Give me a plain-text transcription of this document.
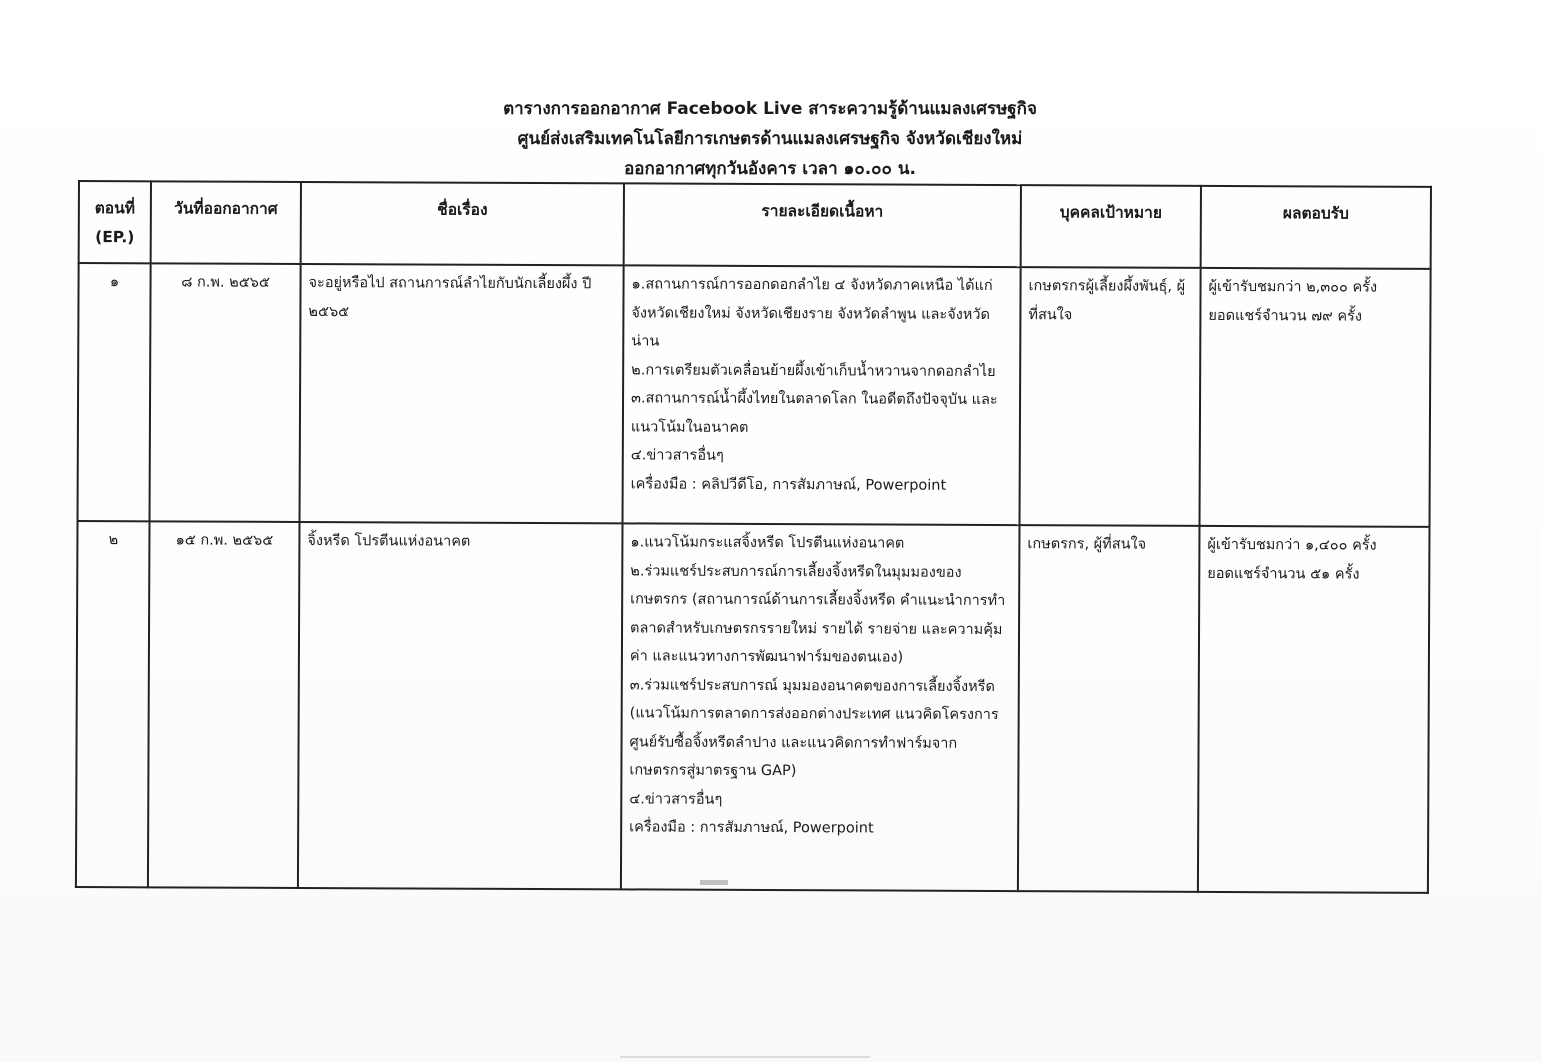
ตารางการออกอากาศ Facebook Live สาระความรู้ด้านแมลงเศรษฐกิจ
ศูนย์ส่งเสริมเทคโนโลยีการเกษตรด้านแมลงเศรษฐกิจ จังหวัดเชียงใหม่
ออกอากาศทุกวันอังคาร เวลา ๑๐.๐๐ น.
ตอนที่
(EP.)	วันที่ออกอากาศ	ชื่อเรื่อง	รายละเอียดเนื้อหา	บุคคลเป้าหมาย	ผลตอบรับ
๑	๘ ก.พ. ๒๕๖๕	จะอยู่หรือไป สถานการณ์ลำไยกับนักเลี้ยงผึ้ง ปี ๒๕๖๕	๑.สถานการณ์การออกดอกลำไย ๔ จังหวัดภาคเหนือ ได้แก่ จังหวัดเชียงใหม่ จังหวัดเชียงราย จังหวัดลำพูน และจังหวัดน่าน
๒.การเตรียมตัวเคลื่อนย้ายผึ้งเข้าเก็บน้ำหวานจากดอกลำไย
๓.สถานการณ์น้ำผึ้งไทยในตลาดโลก ในอดีตถึงปัจจุบัน และแนวโน้มในอนาคต
๔.ข่าวสารอื่นๆ
เครื่องมือ : คลิปวีดีโอ, การสัมภาษณ์, Powerpoint	เกษตรกรผู้เลี้ยงผึ้งพันธุ์, ผู้ที่สนใจ	ผู้เข้ารับชมกว่า ๒,๓๐๐ ครั้ง
ยอดแชร์จำนวน ๗๙ ครั้ง

๒	๑๕ ก.พ. ๒๕๖๕	จิ้งหรีด โปรตีนแห่งอนาคต	๑.แนวโน้มกระแสจิ้งหรีด โปรตีนแห่งอนาคต
๒.ร่วมแชร์ประสบการณ์การเลี้ยงจิ้งหรีดในมุมมองของเกษตรกร (สถานการณ์ด้านการเลี้ยงจิ้งหรีด คำแนะนำการทำตลาดสำหรับเกษตรกรรายใหม่ รายได้ รายจ่าย และความคุ้มค่า และแนวทางการพัฒนาฟาร์มของตนเอง)
๓.ร่วมแชร์ประสบการณ์ มุมมองอนาคตของการเลี้ยงจิ้งหรีด (แนวโน้มการตลาดการส่งออกต่างประเทศ แนวคิดโครงการศูนย์รับซื้อจิ้งหรีดลำปาง และแนวคิดการทำฟาร์มจากเกษตรกรสู่มาตรฐาน GAP)
๔.ข่าวสารอื่นๆ
เครื่องมือ : การสัมภาษณ์, Powerpoint	เกษตรกร, ผู้ที่สนใจ	ผู้เข้ารับชมกว่า ๑,๔๐๐ ครั้ง
ยอดแชร์จำนวน ๕๑ ครั้ง
